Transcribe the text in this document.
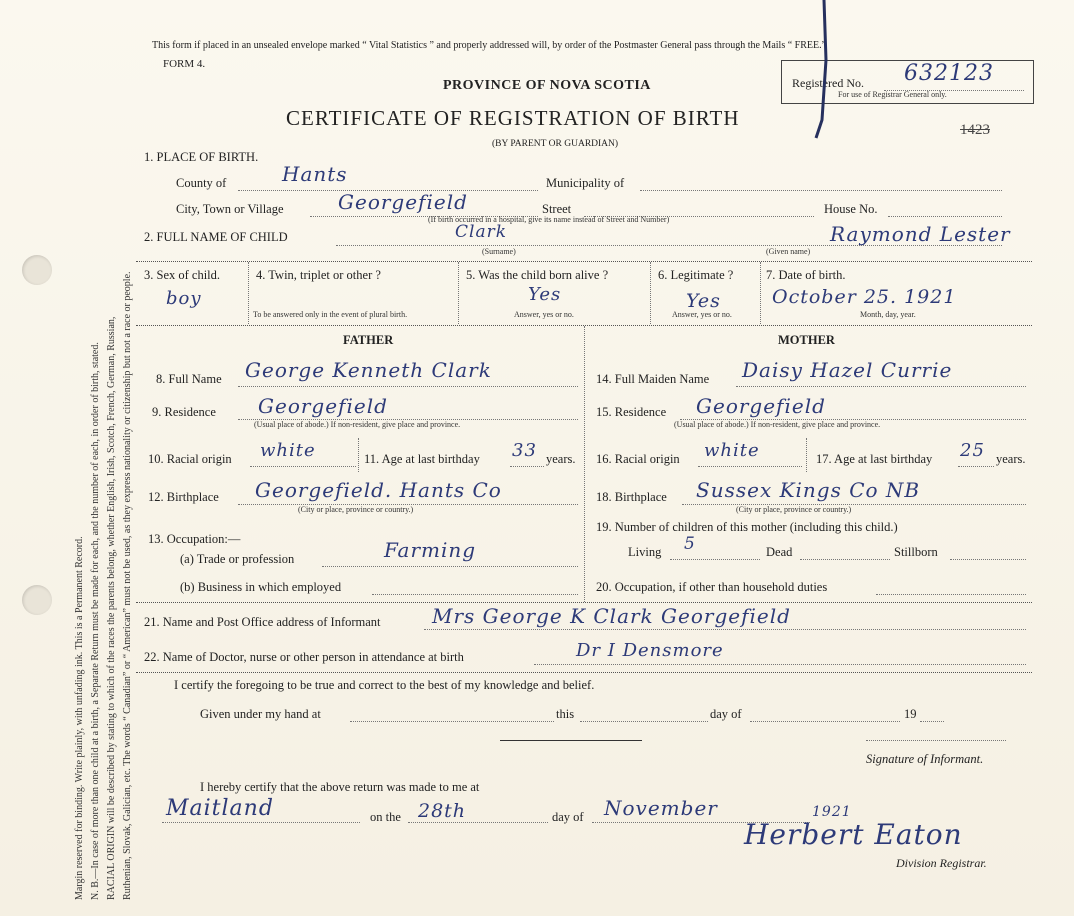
Margin reserved for binding. Write plainly, with unfading ink. This is a Permanent Record. N. B.—In case of more than one child at a birth, a Separate Return must be made for each, and the number of each, in order of birth, stated. RACIAL ORIGIN will be described by stating to which of the races the parents belong, whether English, Irish, Scotch, French, German, Russian, Ruthenian, Slovak, Galician, etc. The words “ Canadian” or “ American” must not be used, as they express nationality or citizenship but not a race or people.
This form if placed in an unsealed envelope marked “ Vital Statistics ” and properly addressed will, by order of the Postmaster General pass through the Mails “ FREE.”
FORM 4.
PROVINCE OF NOVA SCOTIA
CERTIFICATE OF REGISTRATION OF BIRTH
(BY PARENT OR GUARDIAN)
Registered No. 632123
For use of Registrar General only.
1423
1. PLACE OF BIRTH.
County of	Hants	Municipality of
City, Town or Village	Georgefield	Street	House No.
(If birth occurred in a hospital, give its name instead of Street and Number)
2. FULL NAME OF CHILD	Clark
(Surname)
Raymond Lester
(Given name)
3. Sex of child.
boy
4. Twin, triplet or other ?
To be answered only in the event of plural birth.
5. Was the child born alive ?
Yes
Answer, yes or no.
6. Legitimate ?
Yes
Answer, yes or no.
7. Date of birth.
October 25. 1921
Month, day, year.
FATHER	MOTHER
8. Full Name George Kenneth Clark
9. Residence Georgefield
(Usual place of abode.) If non-resident, give place and province.
10. Racial origin white	11. Age at last birthday 33 years.
12. Birthplace Georgefield. Hants Co
(City or place, province or country.)
13. Occupation:—
(a) Trade or profession	Farming
(b) Business in which employed
14. Full Maiden Name Daisy Hazel Currie
15. Residence Georgefield
(Usual place of abode.) If non-resident, give place and province.
16. Racial origin white	17. Age at last birthday 25 years.
18. Birthplace Sussex Kings Co NB
(City or place, province or country.)
19. Number of children of this mother (including this child.)
Living 5	Dead	Stillborn
20. Occupation, if other than household duties
21. Name and Post Office address of Informant	Mrs George K Clark Georgefield
22. Name of Doctor, nurse or other person in attendance at birth	Dr I Densmore
I certify the foregoing to be true and correct to the best of my knowledge and belief.
Given under my hand at	this	day of	19
Signature of Informant.
I hereby certify that the above return was made to me at
Maitland	on the 28th	day of November	1921
Herbert Eaton
Division Registrar.
